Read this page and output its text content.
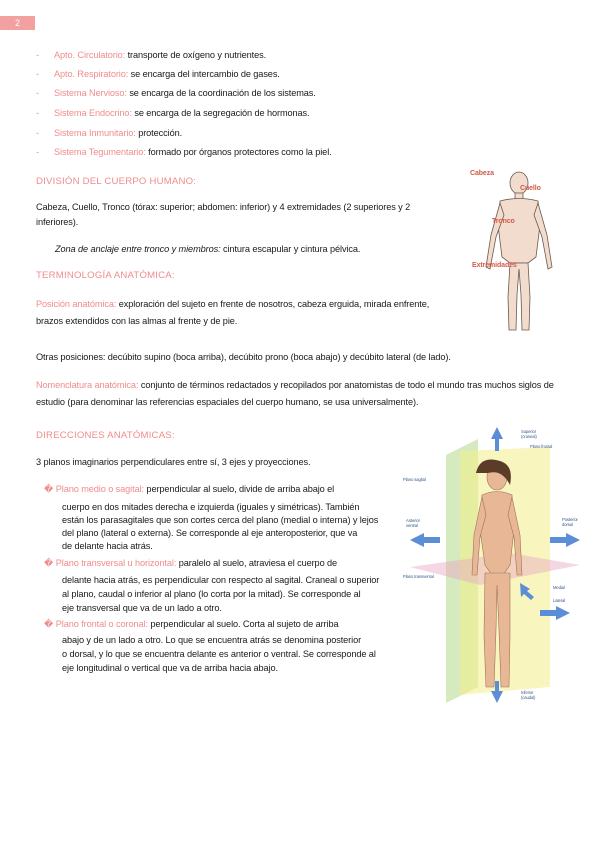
2
- Apto. Circulatorio: transporte de oxígeno y nutrientes.
- Apto. Respiratorio: se encarga del intercambio de gases.
- Sistema Nervioso: se encarga de la coordinación de los sistemas.
- Sistema Endocrino: se encarga de la segregación de hormonas.
- Sistema Inmunitario: protección.
- Sistema Tegumentario: formado por órganos protectores como la piel.
DIVISIÓN DEL CUERPO HUMANO:
Cabeza, Cuello, Tronco (tórax: superior; abdomen: inferior) y 4 extremidades (2 superiores y 2
inferiores).
Zona de anclaje entre tronco y miembros: cintura escapular y cintura pélvica.
Cabeza
Cuello
Tronco
Extremidades
TERMINOLOGÍA ANATÓMICA:
Posición anatómica: exploración del sujeto en frente de nosotros, cabeza erguida, mirada enfrente,
brazos extendidos con las almas al frente y de pie.
Otras posiciones: decúbito supino (boca arriba), decúbito prono (boca abajo) y decúbito lateral (de lado).
Nomenclatura anatómica: conjunto de términos redactados y recopilados por anatomistas de todo el mundo tras muchos siglos de
estudio (para denominar las referencias espaciales del cuerpo humano, se usa universalmente).
DIRECCIONES ANATÓMICAS:
3 planos imaginarios perpendiculares entre sí, 3 ejes y proyecciones.
� Plano medio o sagital: perpendicular al suelo, divide de arriba abajo el
cuerpo en dos mitades derecha e izquierda (iguales y simétricas). También
están los parasagitales que son cortes cerca del plano (medial o interna) y lejos
del plano (lateral o externa). Se corresponde al eje anteroposterior, que va
de delante hacia atrás.
� Plano transversal u horizontal: paralelo al suelo, atraviesa el cuerpo de
delante hacia atrás, es perpendicular con respecto al sagital. Craneal o superior
al plano, caudal o inferior al plano (lo corta por la mitad). Se corresponde al
eje transversal que va de un lado a otro.
� Plano frontal o coronal: perpendicular al suelo. Corta al sujeto de arriba
abajo y de un lado a otro. Lo que se encuentra atrás se denomina posterior
o dorsal, y lo que se encuentra delante es anterior o ventral. Se corresponde al
eje longitudinal o vertical que va de arriba hacia abajo.
Superior
(craneal)
Plano frontal
Plano sagital
Anterior
ventral
Posterior
dorsal
Plano transversal
Medial
Lateral
Inferior
(caudal)
